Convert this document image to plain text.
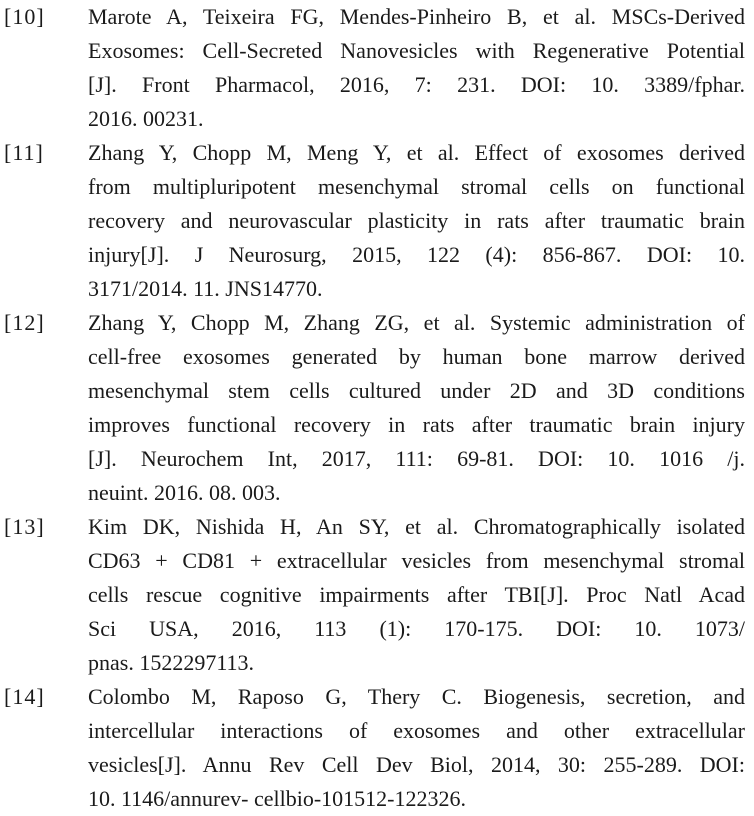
[10]	Marote A, Teixeira FG, Mendes-Pinheiro B, et al. MSCs-Derived
Exosomes: Cell-Secreted Nanovesicles with Regenerative Potential
[J]. Front Pharmacol, 2016, 7: 231. DOI: 10. 3389/fphar.
2016. 00231.
[11]	Zhang Y, Chopp M, Meng Y, et al. Effect of exosomes derived
from multipluripotent mesenchymal stromal cells on functional
recovery and neurovascular plasticity in rats after traumatic brain
injury[J]. J Neurosurg, 2015, 122 (4): 856-867. DOI: 10.
3171/2014. 11. JNS14770.
[12]	Zhang Y, Chopp M, Zhang ZG, et al. Systemic administration of
cell-free exosomes generated by human bone marrow derived
mesenchymal stem cells cultured under 2D and 3D conditions
improves functional recovery in rats after traumatic brain injury
[J]. Neurochem Int, 2017, 111: 69-81. DOI: 10. 1016 /j.
neuint. 2016. 08. 003.
[13]	Kim DK, Nishida H, An SY, et al. Chromatographically isolated
CD63 + CD81 + extracellular vesicles from mesenchymal stromal
cells rescue cognitive impairments after TBI[J]. Proc Natl Acad
Sci USA, 2016, 113 (1): 170-175. DOI: 10. 1073/
pnas. 1522297113.
[14]	Colombo M, Raposo G, Thery C. Biogenesis, secretion, and
intercellular interactions of exosomes and other extracellular
vesicles[J]. Annu Rev Cell Dev Biol, 2014, 30: 255-289. DOI:
10. 1146/annurev- cellbio-101512-122326.
